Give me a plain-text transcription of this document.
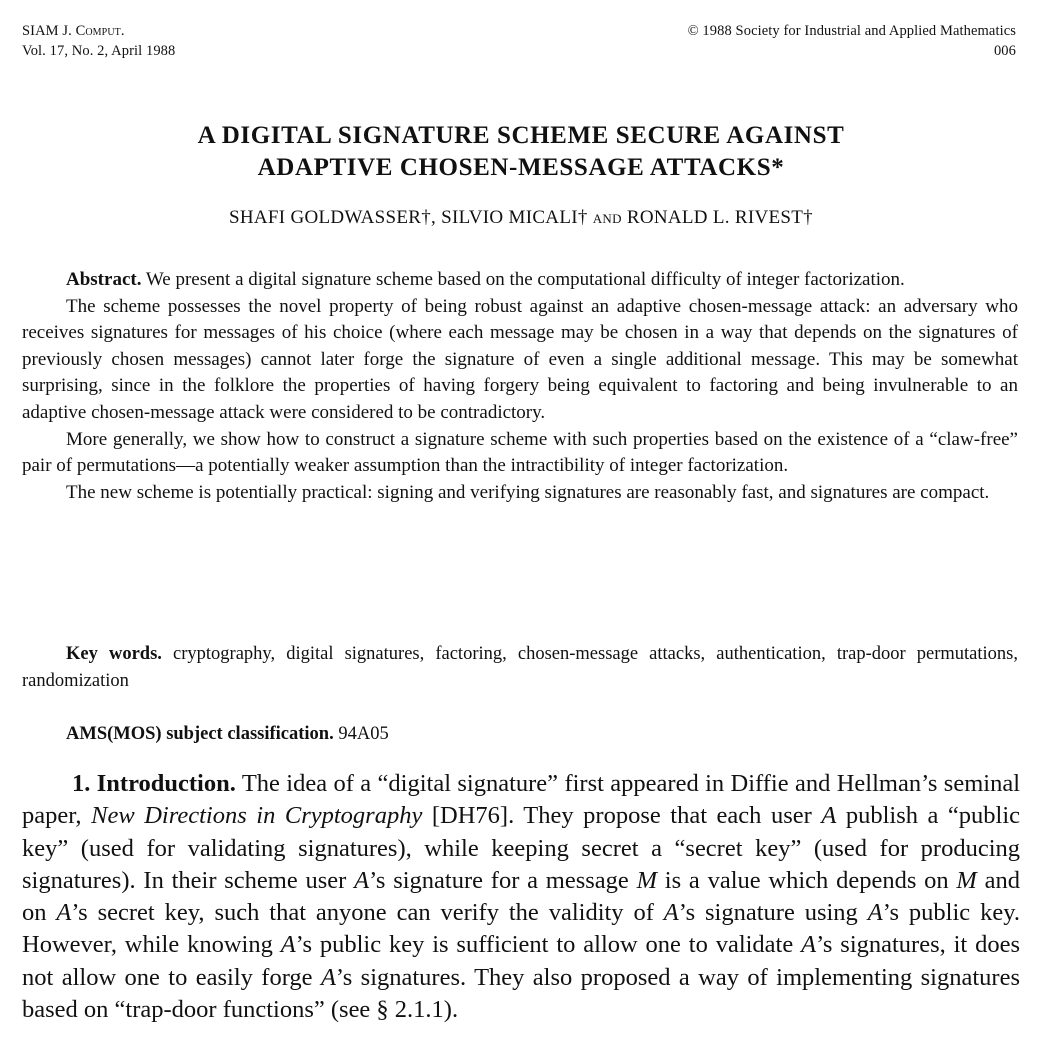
SIAM J. Comput.
Vol. 17, No. 2, April 1988
© 1988 Society for Industrial and Applied Mathematics
006
A DIGITAL SIGNATURE SCHEME SECURE AGAINST
ADAPTIVE CHOSEN-MESSAGE ATTACKS*
SHAFI GOLDWASSER†, SILVIO MICALI† and RONALD L. RIVEST†

Abstract. We present a digital signature scheme based on the computational difficulty of integer factorization.

The scheme possesses the novel property of being robust against an adaptive chosen-message attack: an adversary who receives signatures for messages of his choice (where each message may be chosen in a way that depends on the signatures of previously chosen messages) cannot later forge the signature of even a single additional message. This may be somewhat surprising, since in the folklore the properties of having forgery being equivalent to factoring and being invulnerable to an adaptive chosen-message attack were considered to be contradictory.

More generally, we show how to construct a signature scheme with such properties based on the existence of a “claw-free” pair of permutations—a potentially weaker assumption than the intractibility of integer factorization.

The new scheme is potentially practical: signing and verifying signatures are reasonably fast, and signatures are compact.

Key words. cryptography, digital signatures, factoring, chosen-message attacks, authentication, trap-door permutations, randomization

AMS(MOS) subject classification. 94A05

1. Introduction. The idea of a “digital signature” first appeared in Diffie and Hellman’s seminal paper, New Directions in Cryptography [DH76]. They propose that each user A publish a “public key” (used for validating signatures), while keeping secret a “secret key” (used for producing signatures). In their scheme user A’s signature for a message M is a value which depends on M and on A’s secret key, such that anyone can verify the validity of A’s signature using A’s public key. However, while knowing A’s public key is sufficient to allow one to validate A’s signatures, it does not allow one to easily forge A’s signatures. They also proposed a way of implementing signatures based on “trap-door functions” (see § 2.1.1).
